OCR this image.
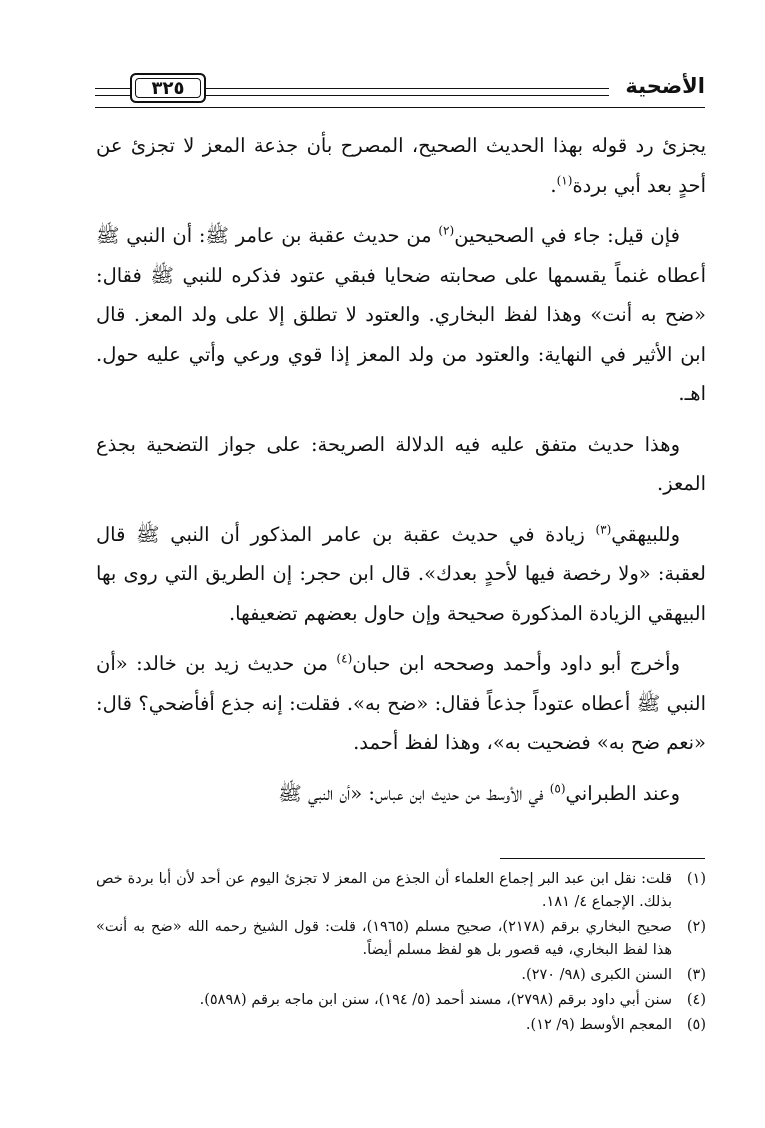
الأضحية
٣٢٥

يجزئ رد قوله بهذا الحديث الصحيح، المصرح بأن جذعة المعز لا تجزئ عن أحدٍ بعد أبي بردة$^{(١)}$.

فإن قيل: جاء في الصحيحين$^{(٢)}$ من حديث عقبة بن عامر ﷺ: أن النبي ﷺ أعطاه غنماً يقسمها على صحابته ضحايا فبقي عتود فذكره للنبي ﷺ فقال: «ضح به أنت» وهذا لفظ البخاري. والعتود لا تطلق إلا على ولد المعز. قال ابن الأثير في النهاية: والعتود من ولد المعز إذا قوي ورعي وأتي عليه حول. اهـ.

وهذا حديث متفق عليه فيه الدلالة الصريحة: على جواز التضحية بجذع المعز.

وللبيهقي$^{(٣)}$ زيادة في حديث عقبة بن عامر المذكور أن النبي ﷺ قال لعقبة: «ولا رخصة فيها لأحدٍ بعدك». قال ابن حجر: إن الطريق التي روى بها البيهقي الزيادة المذكورة صحيحة وإن حاول بعضهم تضعيفها.

وأخرج أبو داود وأحمد وصححه ابن حبان$^{(٤)}$ من حديث زيد بن خالد: «أن النبي ﷺ أعطاه عتوداً جذعاً فقال: «ضح به». فقلت: إنه جذع أفأضحي؟ قال: «نعم ضح به» فضحيت به»، وهذا لفظ أحمد.

وعند الطبراني$^{(٥)}$ في الأوسط من حديث ابن عباس: «أن النبي ﷺ

(١)
قلت: نقل ابن عبد البر إجماع العلماء أن الجذع من المعز لا تجزئ اليوم عن أحد لأن أبا بردة خص بذلك. الإجماع ٤/ ١٨١.
(٢)
صحيح البخاري برقم (٢١٧٨)، صحيح مسلم (١٩٦٥)، قلت: قول الشيخ رحمه الله «ضح به أنت» هذا لفظ البخاري، فيه قصور بل هو لفظ مسلم أيضاً.
(٣)
السنن الكبرى (٩٨/ ٢٧٠).
(٤)
سنن أبي داود برقم (٢٧٩٨)، مسند أحمد (٥/ ١٩٤)، سنن ابن ماجه برقم (٥٨٩٨).
(٥)
المعجم الأوسط (٩/ ١٢).
